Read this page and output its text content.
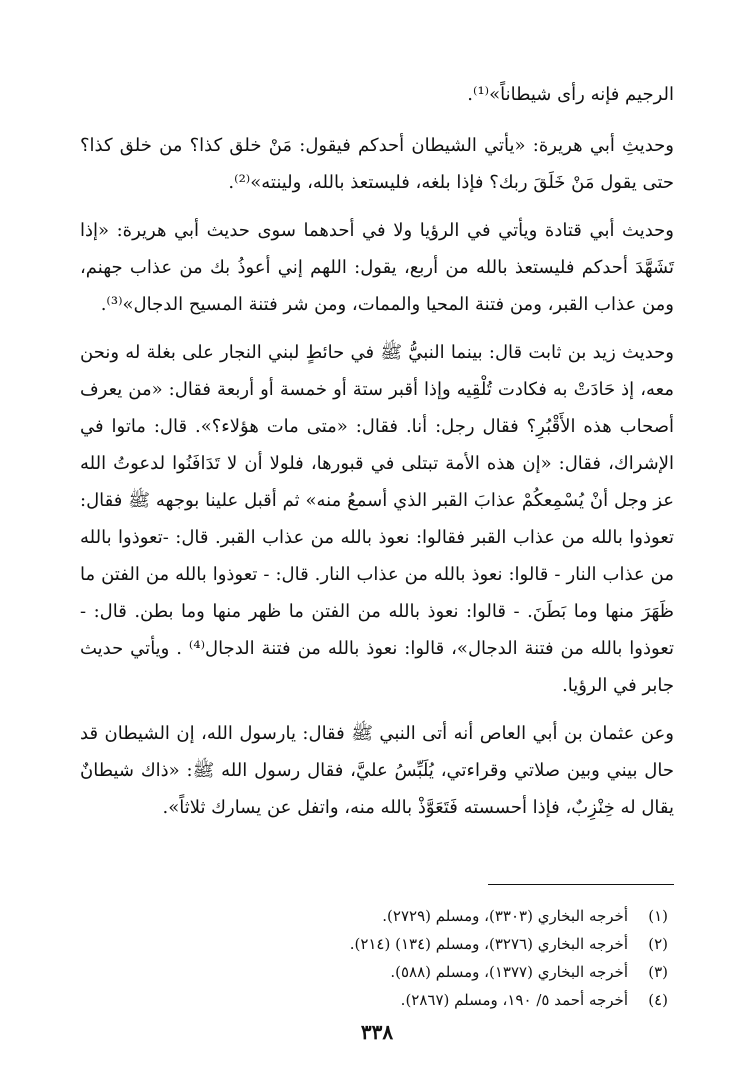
الرجيم فإنه رأى شيطاناً»⁽¹⁾.

وحديثِ أبي هريرة: «يأتي الشيطان أحدكم فيقول: مَنْ خلق كذا؟ من خلق كذا؟ حتى يقول مَنْ خَلَقَ ربك؟ فإذا بلغه، فليستعذ بالله، ولينته»⁽²⁾.

وحديث أبي قتادة ويأتي في الرؤيا ولا في أحدهما سوى حديث أبي هريرة: «إذا تَشَهَّدَ أحدكم فليستعذ بالله من أربع، يقول: اللهم إني أعوذُ بك من عذاب جهنم، ومن عذاب القبر، ومن فتنة المحيا والممات، ومن شر فتنة المسيح الدجال»⁽³⁾.

وحديث زيد بن ثابت قال: بينما النبيُّ ﷺ في حائطٍ لبني النجار على بغلة له ونحن معه، إذ حَادَتْ به فكادت تُلْقِيه وإذا أقبر ستة أو خمسة أو أربعة فقال: «من يعرف أصحاب هذه الأَقْبُرِ؟ فقال رجل: أنا. فقال: «متى مات هؤلاء؟». قال: ماتوا في الإشراك، فقال: «إن هذه الأمة تبتلى في قبورها، فلولا أن لا تَدَافَنُوا لدعوتُ الله عز وجل أنْ يُسْمِعكُمْ عذابَ القبر الذي أسمعُ منه» ثم أقبل علينا بوجهه ﷺ فقال: تعوذوا بالله من عذاب القبر فقالوا: نعوذ بالله من عذاب القبر. قال: -تعوذوا بالله من عذاب النار - قالوا: نعوذ بالله من عذاب النار. قال: - تعوذوا بالله من الفتن ما ظَهَرَ منها وما بَطَنَ. - قالوا: نعوذ بالله من الفتن ما ظهر منها وما بطن. قال: - تعوذوا بالله من فتنة الدجال»، قالوا: نعوذ بالله من فتنة الدجال⁽⁴⁾ . ويأتي حديث جابر في الرؤيا.

وعن عثمان بن أبي العاص أنه أتى النبي ﷺ فقال: يارسول الله، إن الشيطان قد حال بيني وبين صلاتي وقراءتي، يُلَبِّسُ عليَّ، فقال رسول الله ﷺ: «ذاك شيطانٌ يقال له خِنْزِبٌ، فإذا أحسسته فَتَعَوَّذْ بالله منه، واتفل عن يسارك ثلاثاً».

(١)
أخرجه البخاري (٣٣٠٣)، ومسلم (٢٧٢٩).
(٢)
أخرجه البخاري (٣٢٧٦)، ومسلم (١٣٤) (٢١٤).
(٣)
أخرجه البخاري (١٣٧٧)، ومسلم (٥٨٨).
(٤)
أخرجه أحمد ٥/ ١٩٠، ومسلم (٢٨٦٧).
٣٣٨
